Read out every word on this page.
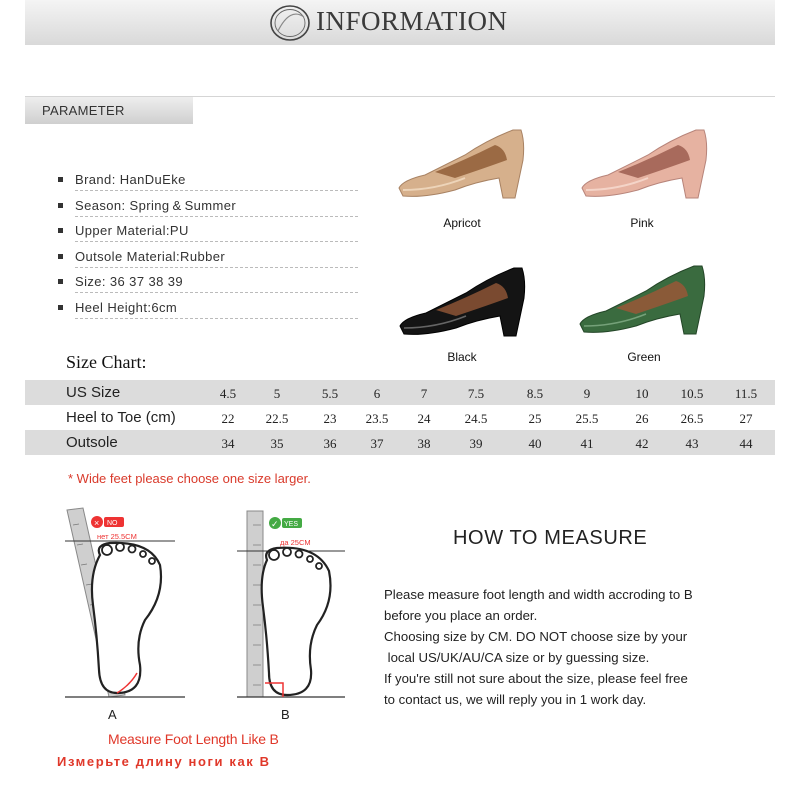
INFORMATION
PARAMETER
Brand: HanDuEke
Season: Spring & Summer
Upper Material:PU
Outsole Material:Rubber
Size: 36 37 38 39
Heel Height:6cm
Apricot	Pink
Black	Green
Size Chart:
US Size	4.5	5	5.5	6	7	7.5	8.5	9	10	10.5	11.5
Heel to Toe (cm)	22	22.5	23	23.5	24	24.5	25	25.5	26	26.5	27
Outsole	34	35	36	37	38	39	40	41	42	43	44
* Wide feet please choose one size larger.
× NO
нет 25.5CM
✓ YES
да 25CM
A	B
Measure Foot Length Like B
Измерьте длину ноги как В
HOW TO MEASURE
Please measure foot length and width accroding to B
before you place an order.
Choosing size by CM. DO NOT choose size by your
local US/UK/AU/CA size or by guessing size.
If you're still not sure about the size, please feel free
to contact us, we will reply you in 1 work day.
